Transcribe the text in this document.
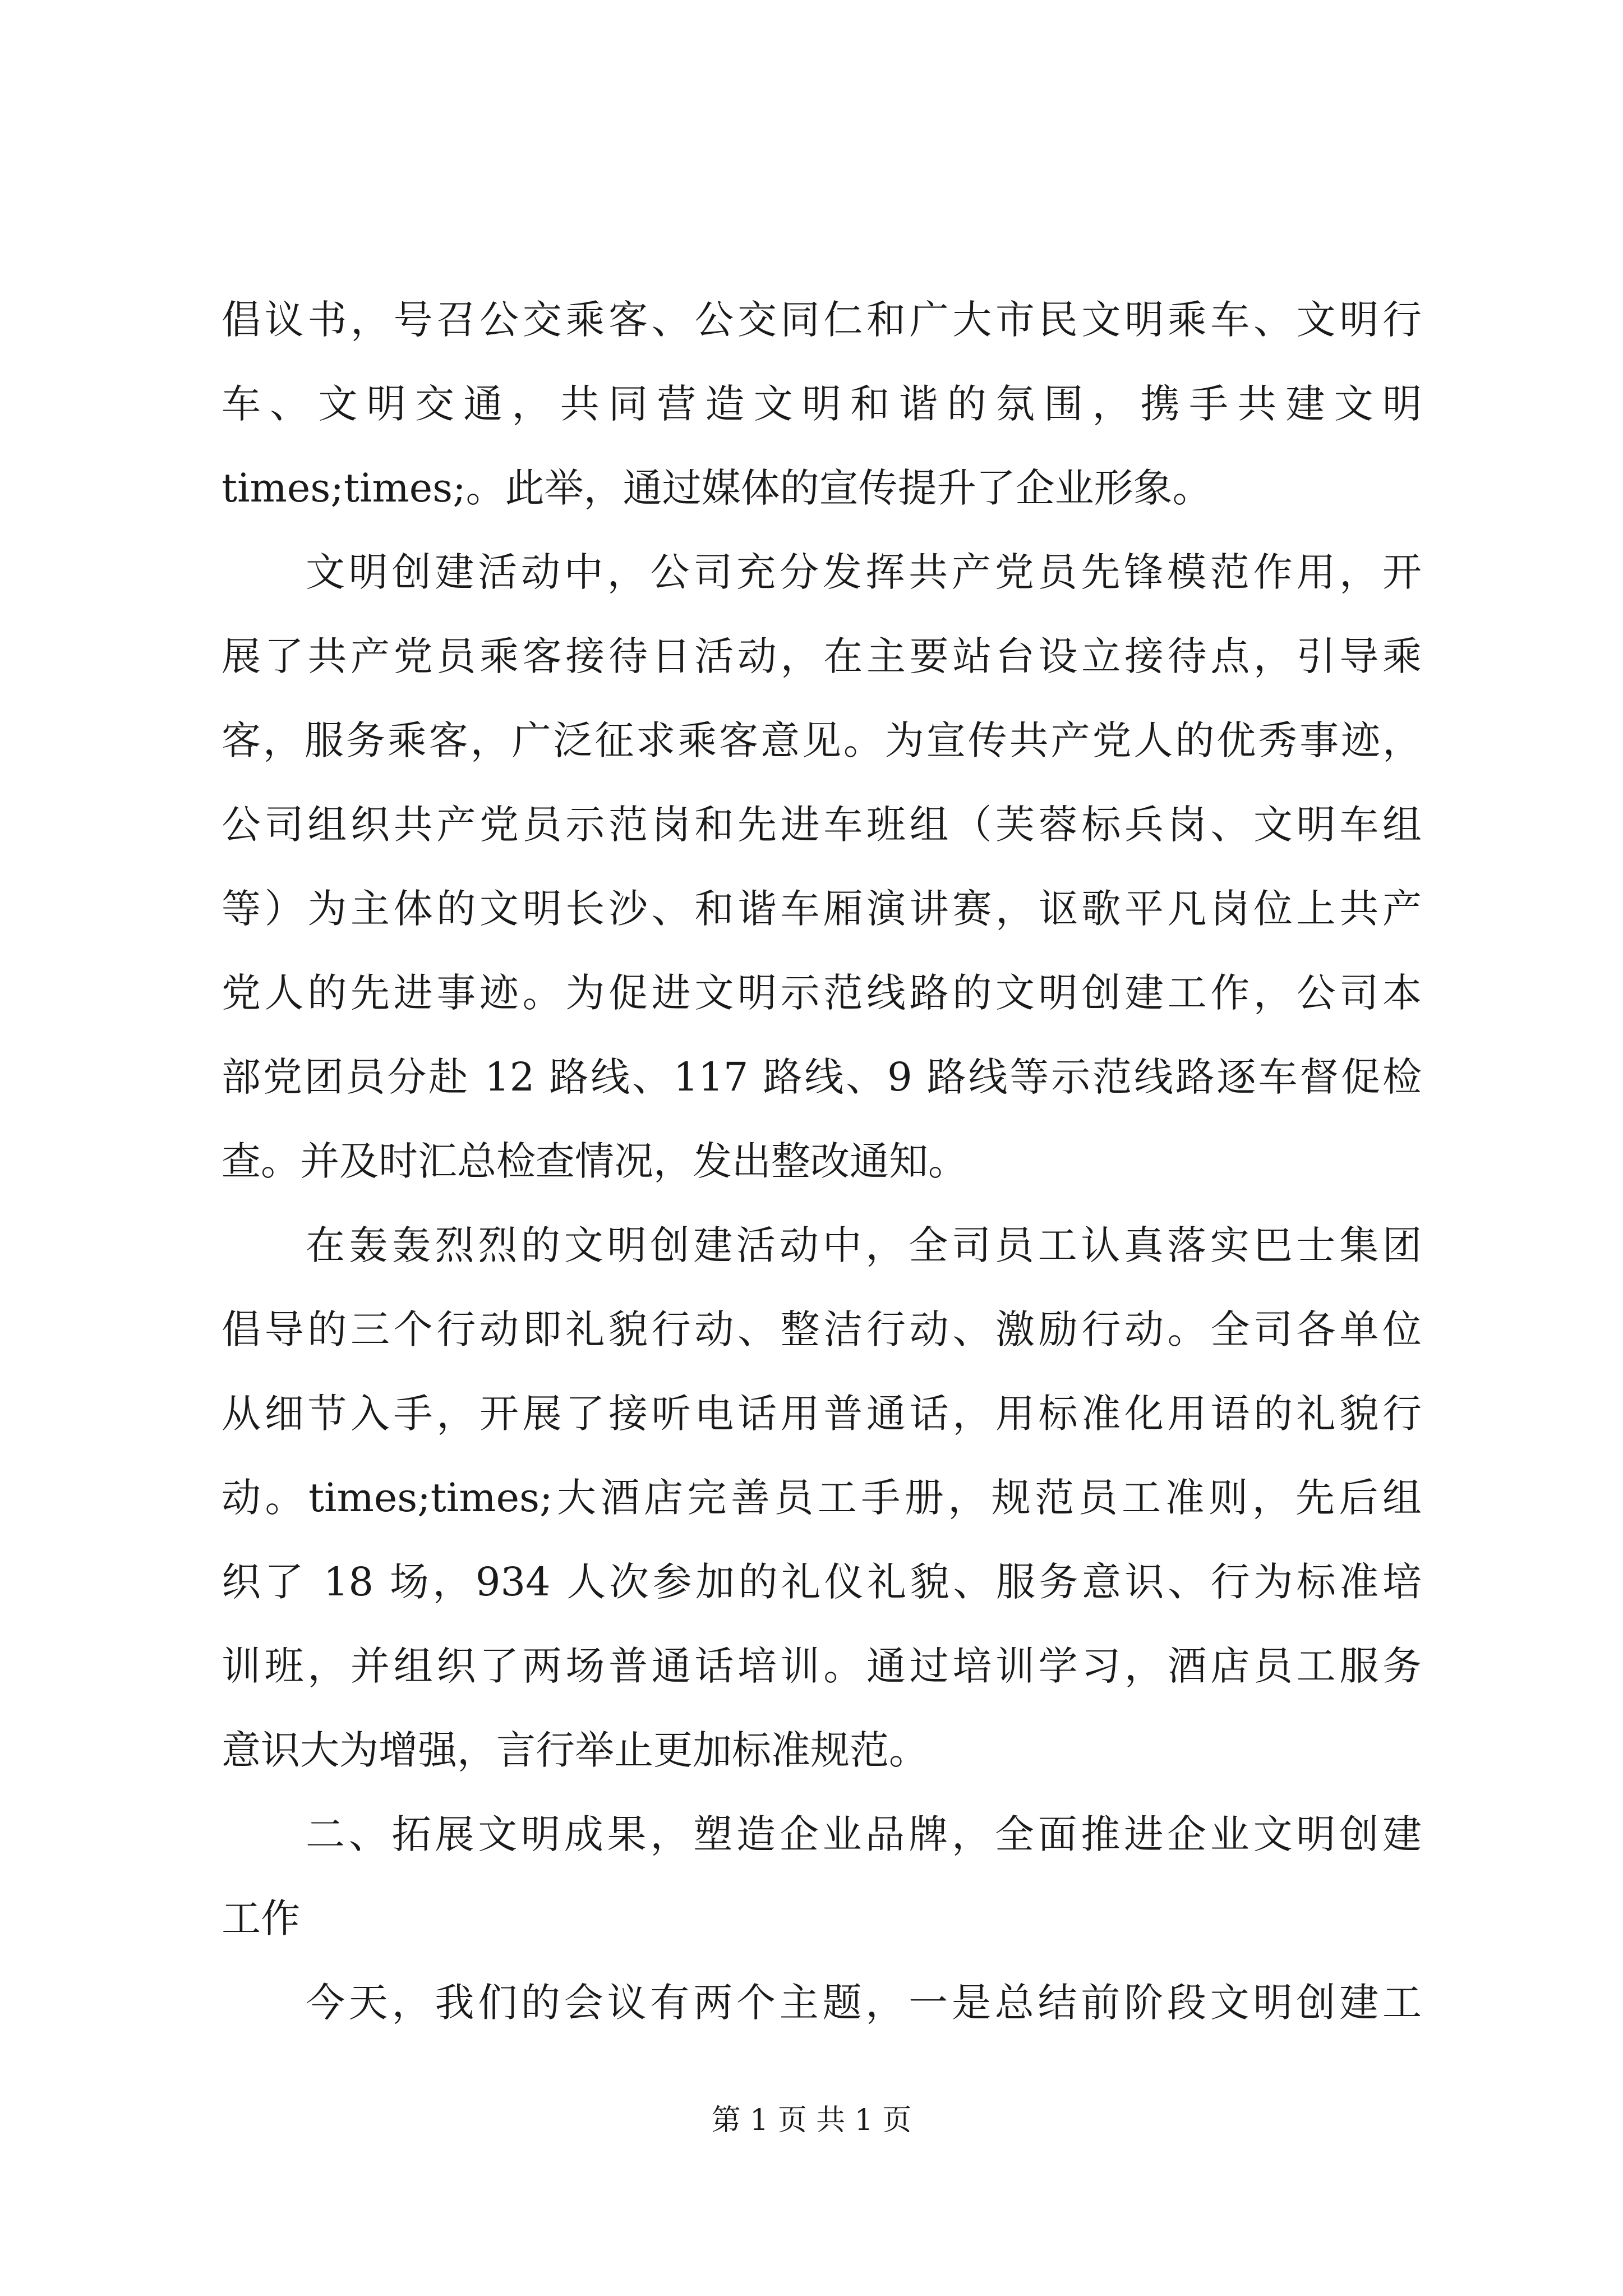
倡议书，号召公交乘客、公交同仁和广大市民文明乘车、文明行
车、文明交通，共同营造文明和谐的氛围，携手共建文明
times;times;。此举，通过媒体的宣传提升了企业形象。
文明创建活动中，公司充分发挥共产党员先锋模范作用，开
展了共产党员乘客接待日活动，在主要站台设立接待点，引导乘
客，服务乘客，广泛征求乘客意见。为宣传共产党人的优秀事迹，
公司组织共产党员示范岗和先进车班组（芙蓉标兵岗、文明车组
等）为主体的文明长沙、和谐车厢演讲赛，讴歌平凡岗位上共产
党人的先进事迹。为促进文明示范线路的文明创建工作，公司本
部党团员分赴 12 路线、117 路线、9 路线等示范线路逐车督促检
查。并及时汇总检查情况，发出整改通知。
在轰轰烈烈的文明创建活动中，全司员工认真落实巴士集团
倡导的三个行动即礼貌行动、整洁行动、激励行动。全司各单位
从细节入手，开展了接听电话用普通话，用标准化用语的礼貌行
动。times;times;大酒店完善员工手册，规范员工准则，先后组
织了 18 场，934 人次参加的礼仪礼貌、服务意识、行为标准培
训班，并组织了两场普通话培训。通过培训学习，酒店员工服务
意识大为增强，言行举止更加标准规范。
二、拓展文明成果，塑造企业品牌，全面推进企业文明创建
工作
今天，我们的会议有两个主题，一是总结前阶段文明创建工
第 1 页 共 1 页
